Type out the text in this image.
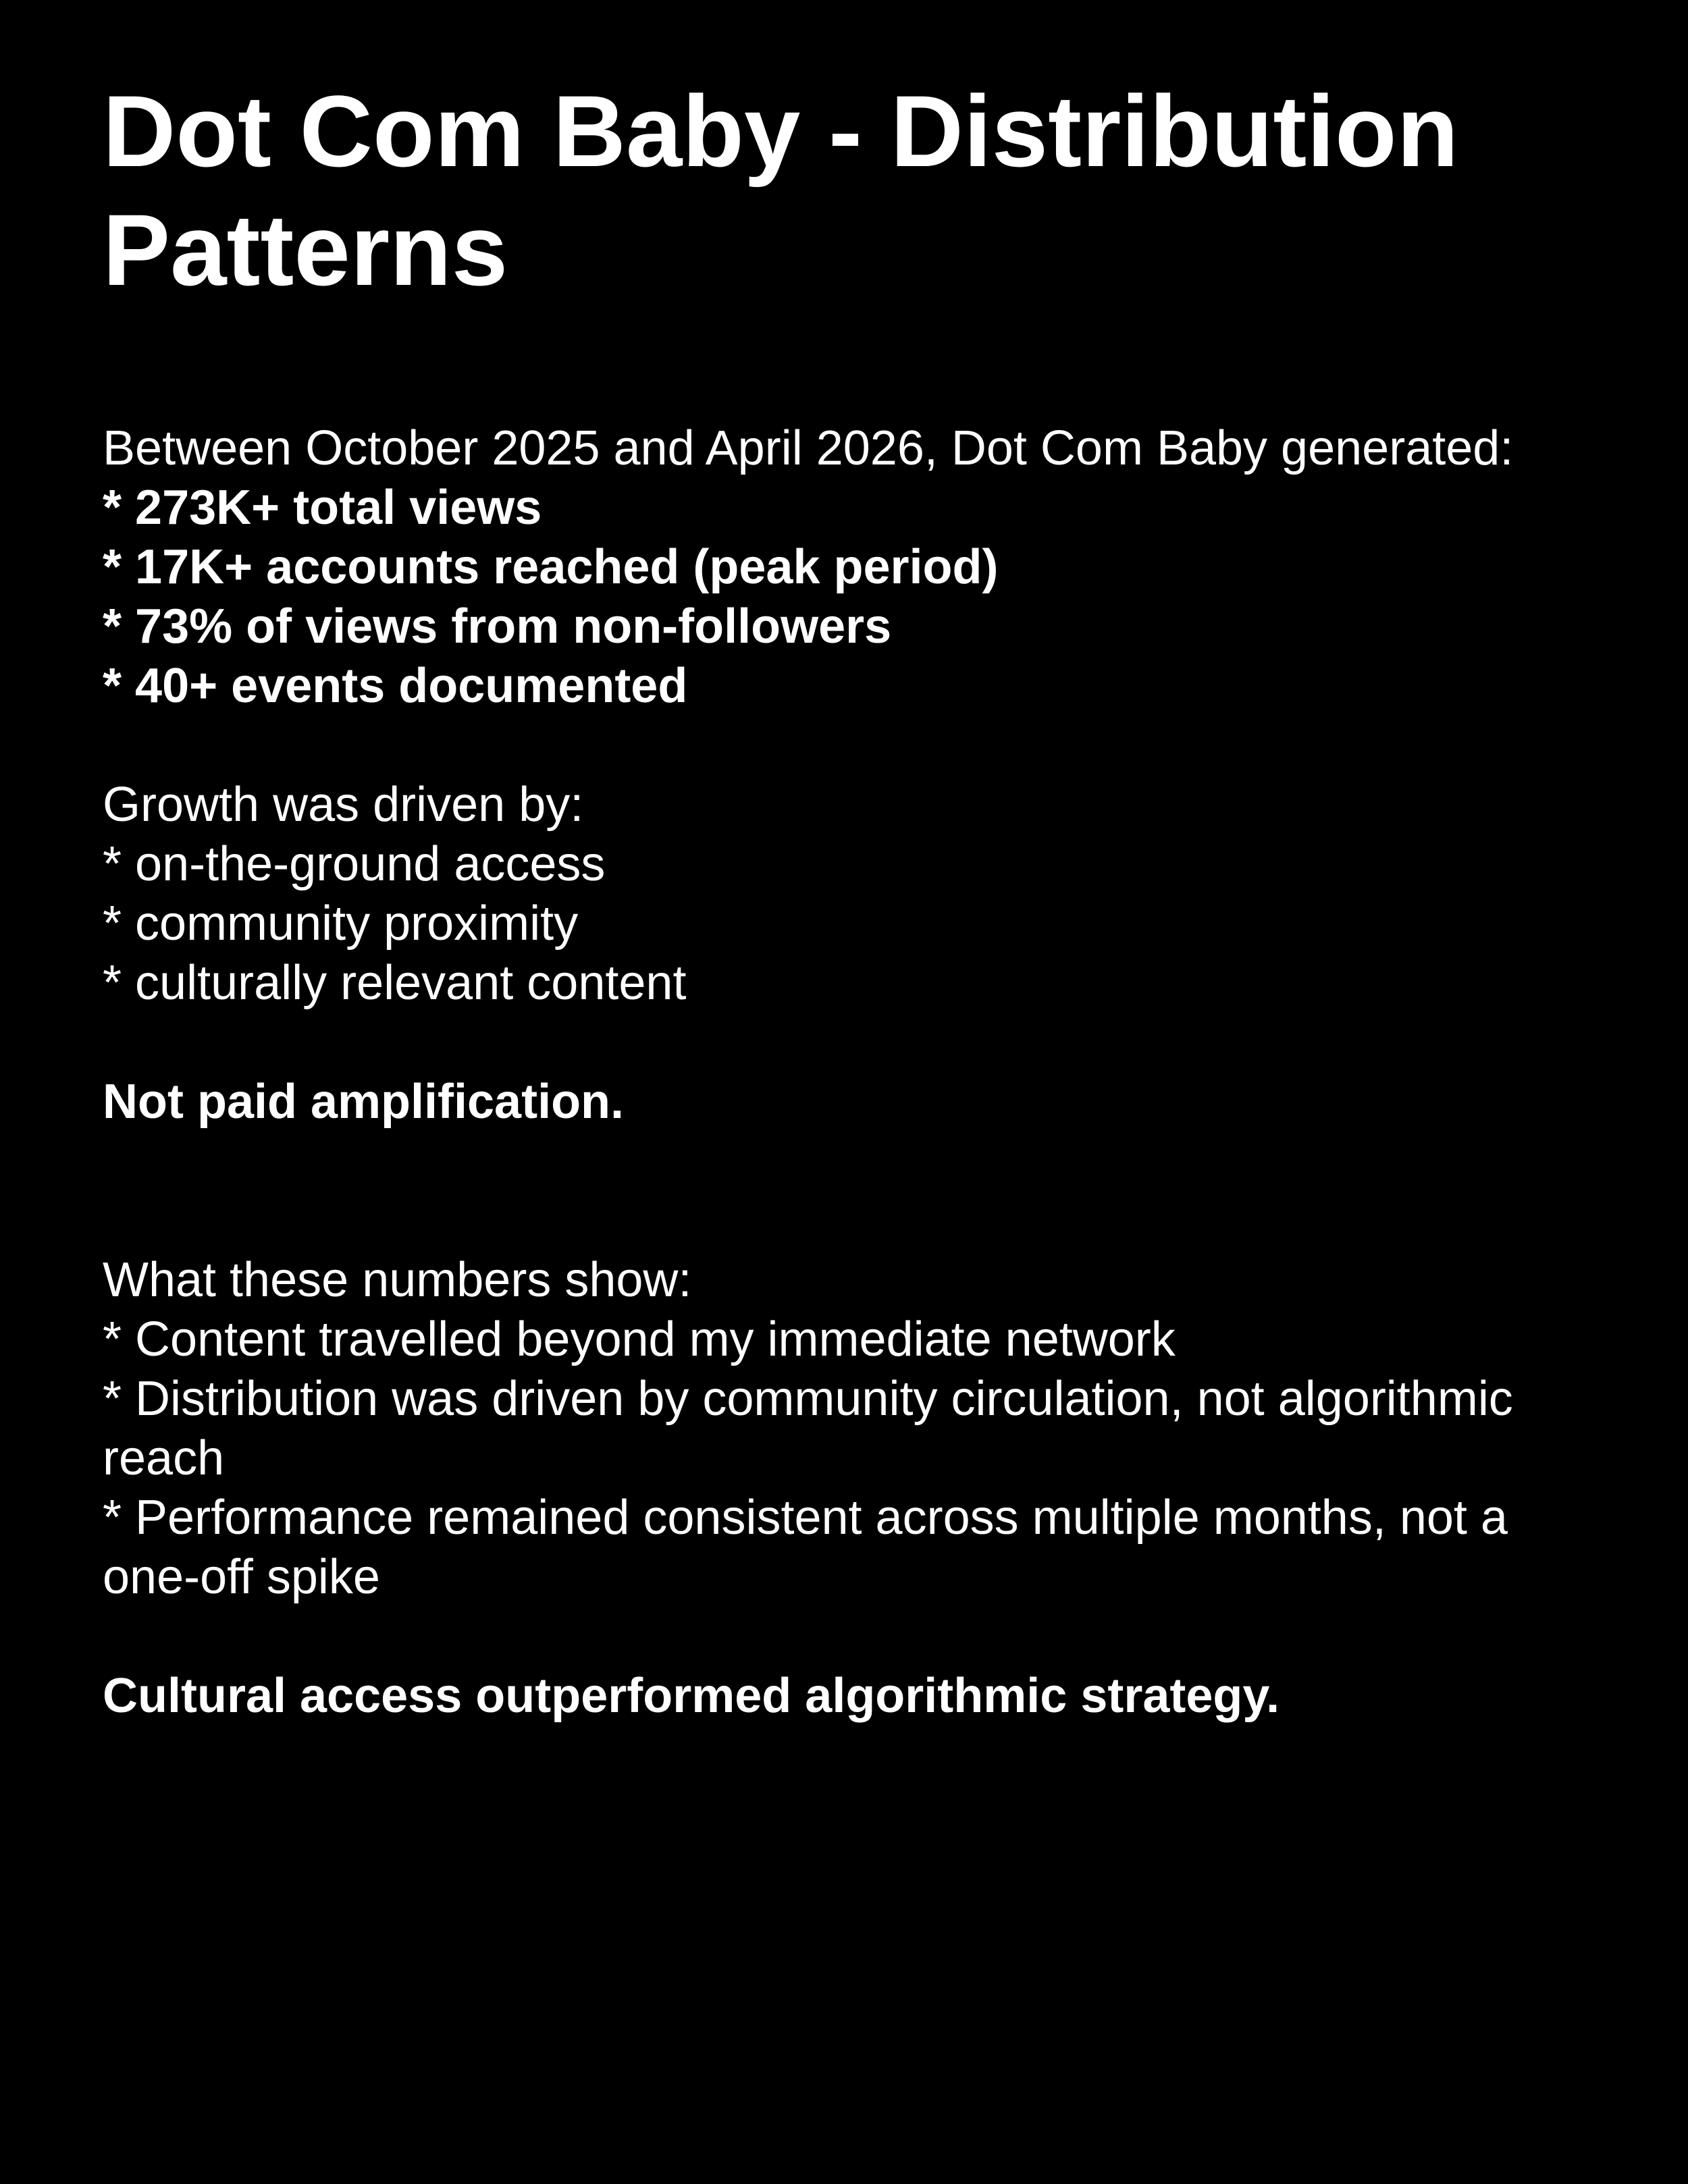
Dot Com Baby - Distribution Patterns

Between October 2025 and April 2026, Dot Com Baby generated:

* 273K+ total views
* 17K+ accounts reached (peak period)
* 73% of views from non-followers
* 40+ events documented

Growth was driven by:

* on-the-ground access
* community proximity
* culturally relevant content

Not paid amplification.

What these numbers show:

* Content travelled beyond my immediate network
* Distribution was driven by community circulation, not algorithmic reach
* Performance remained consistent across multiple months, not a one-off spike

Cultural access outperformed algorithmic strategy.
